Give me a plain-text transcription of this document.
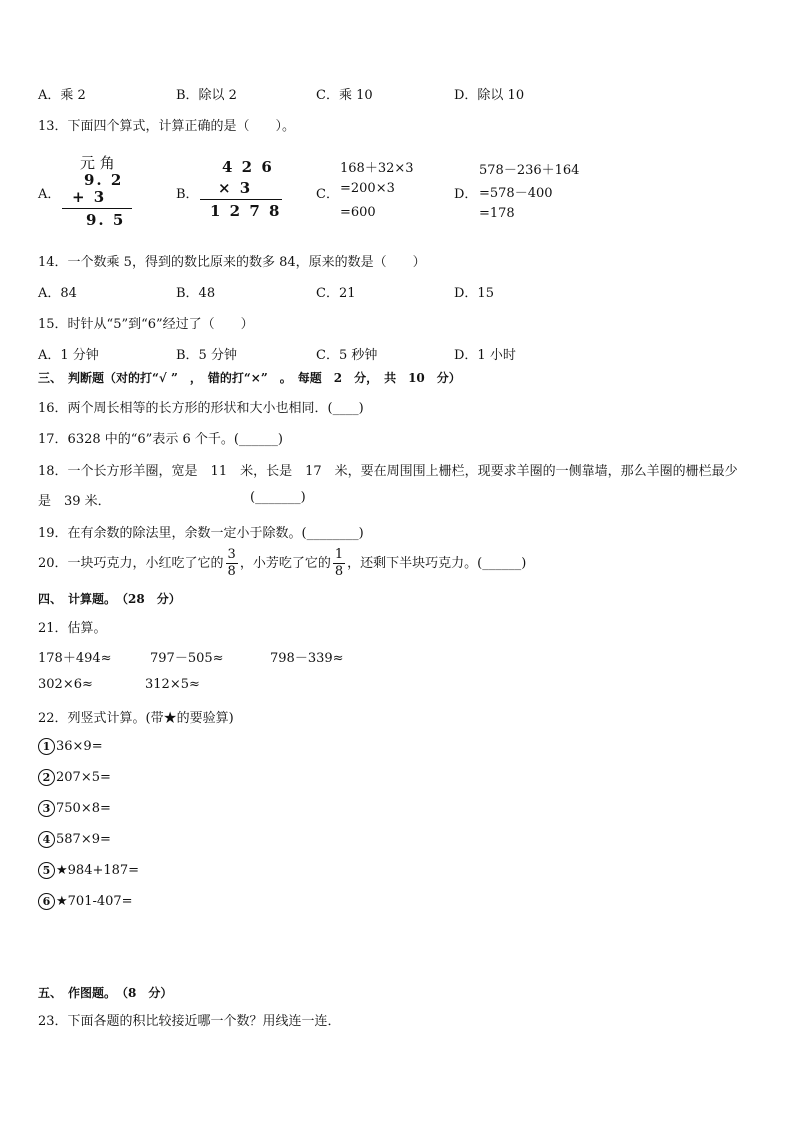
A．乘 2	B．除以 2	C．乘 10	D．除以 10
13．下面四个算式，计算正确的是（　　）。
A．
元 角
9. 2
+ 3
9. 5
B．
4 2 6
× 3
1 2 7 8
C．
168＋32×3
=200×3
=600
D．
578－236＋164
=578－400
=178
14．一个数乘 5，得到的数比原来的数多 84，原来的数是（　　）
A．84	B．48	C．21	D．15
15．时针从“5”到“6”经过了（　　）
A．1 分钟	B．5 分钟	C．5 秒钟	D．1 小时
三、　判断题（对的打“√ ”　，　错的打“×”　。　每题　2　分，　共　10　分）
16．两个周长相等的长方形的形状和大小也相同．(____)
17．6328 中的“6”表示 6 个千。(______)
18．一个长方形羊圈，宽是　11　米，长是　17　米，要在周围围上栅栏，现要求羊圈的一侧靠墙，那么羊圈的栅栏最少
是　39 米．	(_______)
19．在有余数的除法里，余数一定小于除数。(________)
20．一块巧克力，小红吃了它的 $\frac{3}{8}$ ，小芳吃了它的 $\frac{1}{8}$ ，还剩下半块巧克力。(______)
四、　计算题。　（28　分）
21．估算。
178＋494≈	797－505≈	798－339≈
302×6≈	312×5≈
22．列竖式计算。(带★的要验算)
1 36×9=
2 207×5=
3 750×8=
4 587×9=
5 ★984+187=
6 ★701-407=
五、　作图题。　（8　分）
23．下面各题的积比较接近哪一个数？用线连一连．
